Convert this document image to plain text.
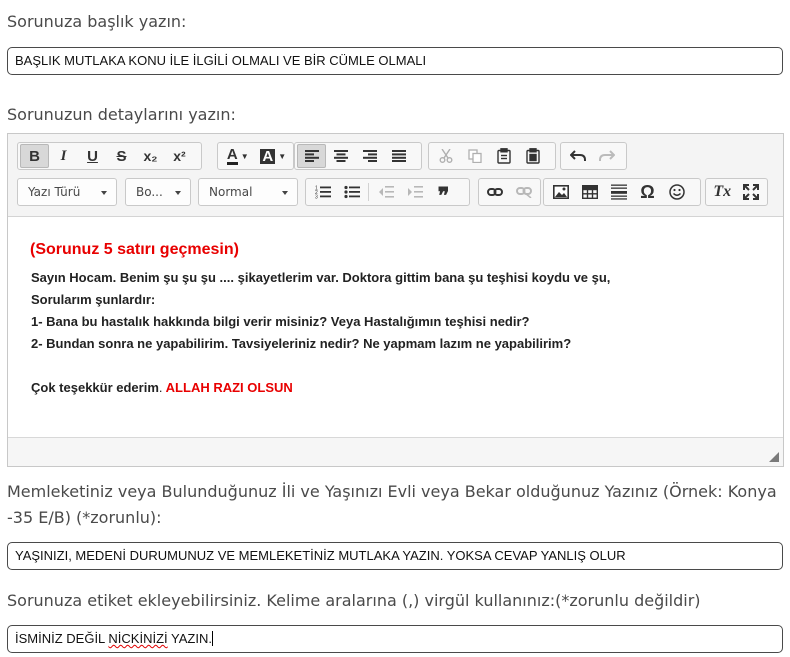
Sorunuza başlık yazın:
BAŞLIK MUTLAKA KONU İLE İLGİLİ OLMALI VE BİR CÜMLE OLMALI
Sorunuzun detaylarını yazın:
B I U S x₂ x²	A ▼ A ▼
Yazı Türü	Bo...	Normal	1
2
3	❞	Ω	Tx
(Sorunuz 5 satırı geçmesin)
Sayın Hocam. Benim şu şu şu .... şikayetlerim var. Doktora gittim bana şu teşhisi koydu ve şu,
Sorularım şunlardır:
1- Bana bu hastalık hakkında bilgi verir misiniz? Veya Hastalığımın teşhisi nedir?
2- Bundan sonra ne yapabilirim. Tavsiyeleriniz nedir? Ne yapmam lazım ne yapabilirim?
Çok teşekkür ederim. ALLAH RAZI OLSUN
Memleketiniz veya Bulunduğunuz İli ve Yaşınızı Evli veya Bekar olduğunuz Yazınız (Örnek: Konya -35 E/B) (*zorunlu):
YAŞINIZI, MEDENİ DURUMUNUZ VE MEMLEKETİNİZ MUTLAKA YAZIN. YOKSA CEVAP YANLIŞ OLUR
Sorunuza etiket ekleyebilirsiniz. Kelime aralarına (,) virgül kullanınız:(*zorunlu değildir)
İSMİNİZ DEĞİL NİCKİNİZİ YAZIN.
